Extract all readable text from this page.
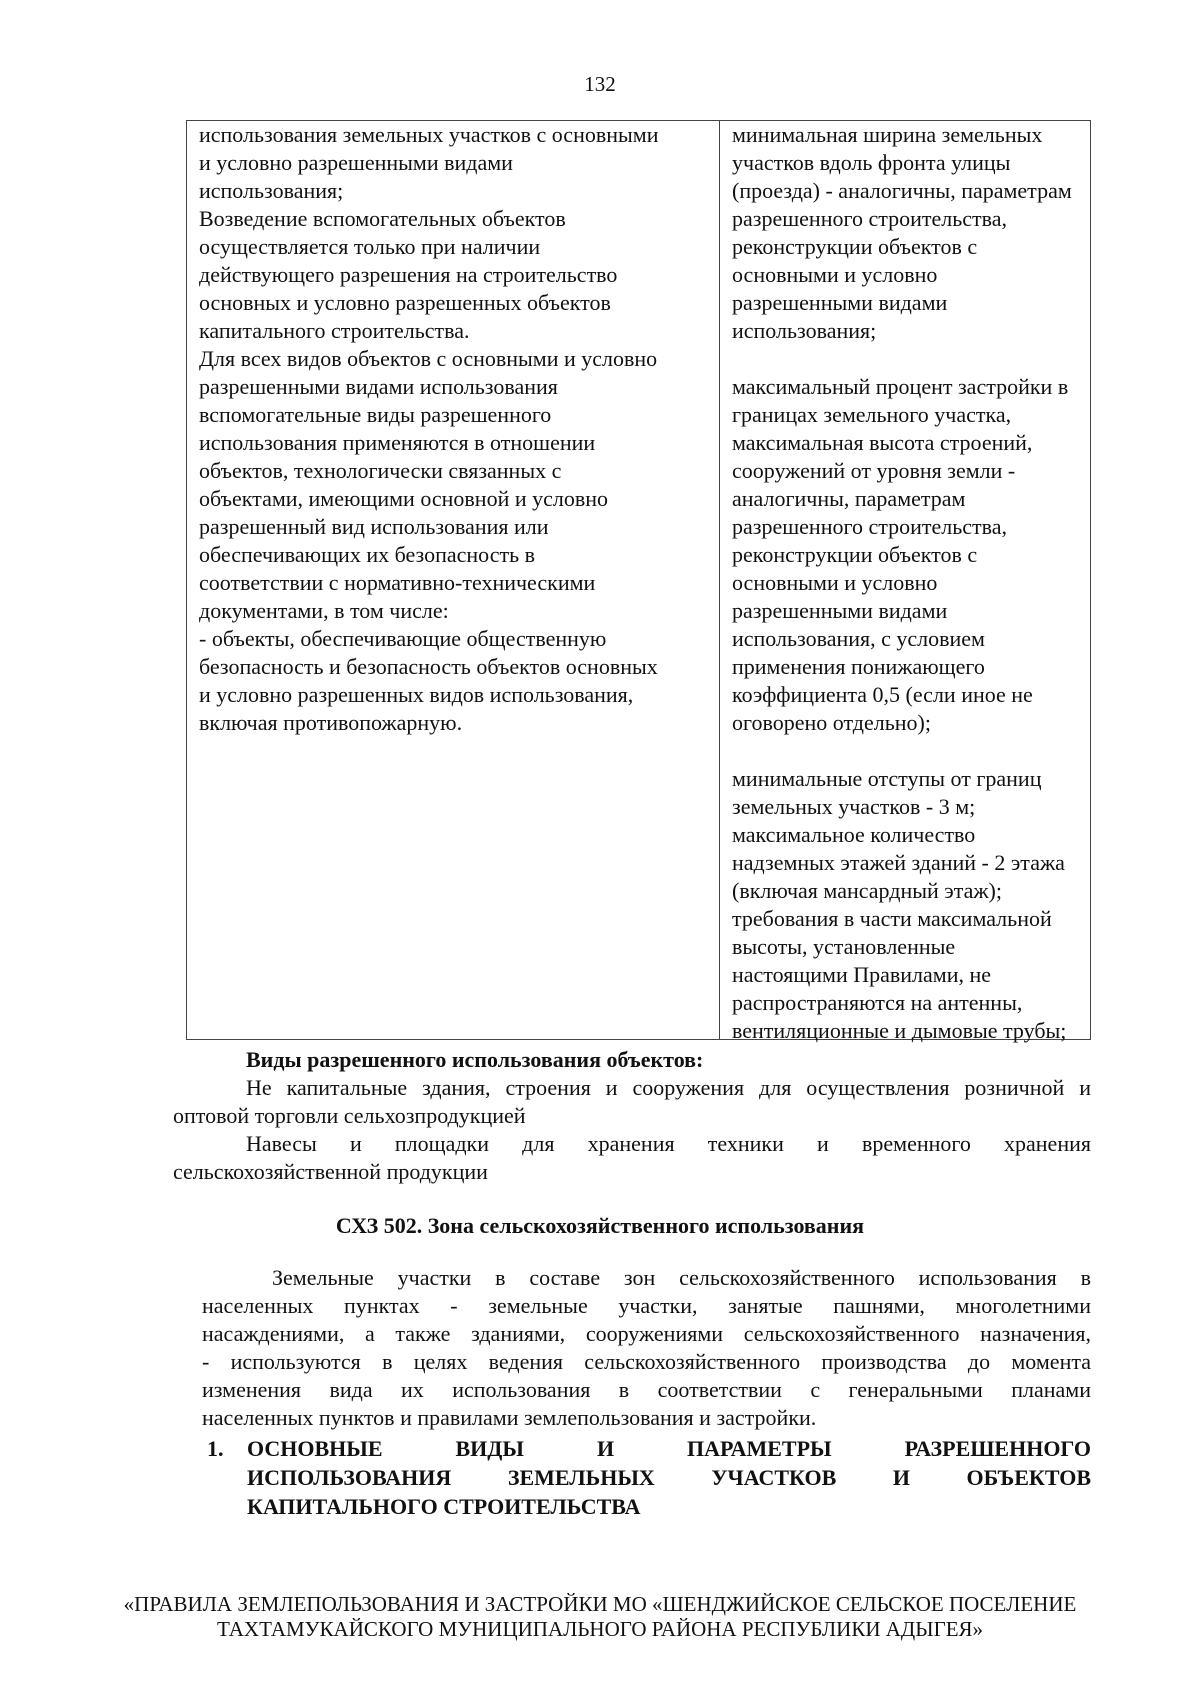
132
использования земельных участков с основными
и условно разрешенными видами
использования;
Возведение вспомогательных объектов
осуществляется только при наличии
действующего разрешения на строительство
основных и условно разрешенных объектов
капитального строительства.
Для всех видов объектов с основными и условно
разрешенными видами использования
вспомогательные виды разрешенного
использования применяются в отношении
объектов, технологически связанных с
объектами, имеющими основной и условно
разрешенный вид использования или
обеспечивающих их безопасность в
соответствии с нормативно-техническими
документами, в том числе:
- объекты, обеспечивающие общественную
безопасность и безопасность объектов основных
и условно разрешенных видов использования,
включая противопожарную.
минимальная ширина земельных
участков вдоль фронта улицы
(проезда) - аналогичны, параметрам
разрешенного строительства,
реконструкции объектов с
основными и условно
разрешенными видами
использования;
максимальный процент застройки в
границах земельного участка,
максимальная высота строений,
сооружений от уровня земли -
аналогичны, параметрам
разрешенного строительства,
реконструкции объектов с
основными и условно
разрешенными видами
использования, с условием
применения понижающего
коэффициента 0,5 (если иное не
оговорено отдельно);
минимальные отступы от границ
земельных участков - 3 м;
максимальное количество
надземных этажей зданий - 2 этажа
(включая мансардный этаж);
требования в части максимальной
высоты, установленные
настоящими Правилами, не
распространяются на антенны,
вентиляционные и дымовые трубы;
Виды разрешенного использования объектов:
Не капитальные здания, строения и сооружения для осуществления розничной и
оптовой торговли сельхозпродукцией
Навесы и площадки для хранения техники и временного хранения
сельскохозяйственной продукции
СХЗ 502. Зона сельскохозяйственного использования
Земельные участки в составе зон сельскохозяйственного использования в
населенных пунктах - земельные участки, занятые пашнями, многолетними
насаждениями, а также зданиями, сооружениями сельскохозяйственного назначения,
- используются в целях ведения сельскохозяйственного производства до момента
изменения вида их использования в соответствии с генеральными планами
населенных пунктов и правилами землепользования и застройки.
1.	ОСНОВНЫЕ ВИДЫ И ПАРАМЕТРЫ РАЗРЕШЕННОГО
ИСПОЛЬЗОВАНИЯ ЗЕМЕЛЬНЫХ УЧАСТКОВ И ОБЪЕКТОВ
КАПИТАЛЬНОГО СТРОИТЕЛЬСТВА
«ПРАВИЛА ЗЕМЛЕПОЛЬЗОВАНИЯ И ЗАСТРОЙКИ МО «ШЕНДЖИЙСКОЕ СЕЛЬСКОЕ ПОСЕЛЕНИЕ
ТАХТАМУКАЙСКОГО МУНИЦИПАЛЬНОГО РАЙОНА РЕСПУБЛИКИ АДЫГЕЯ»
